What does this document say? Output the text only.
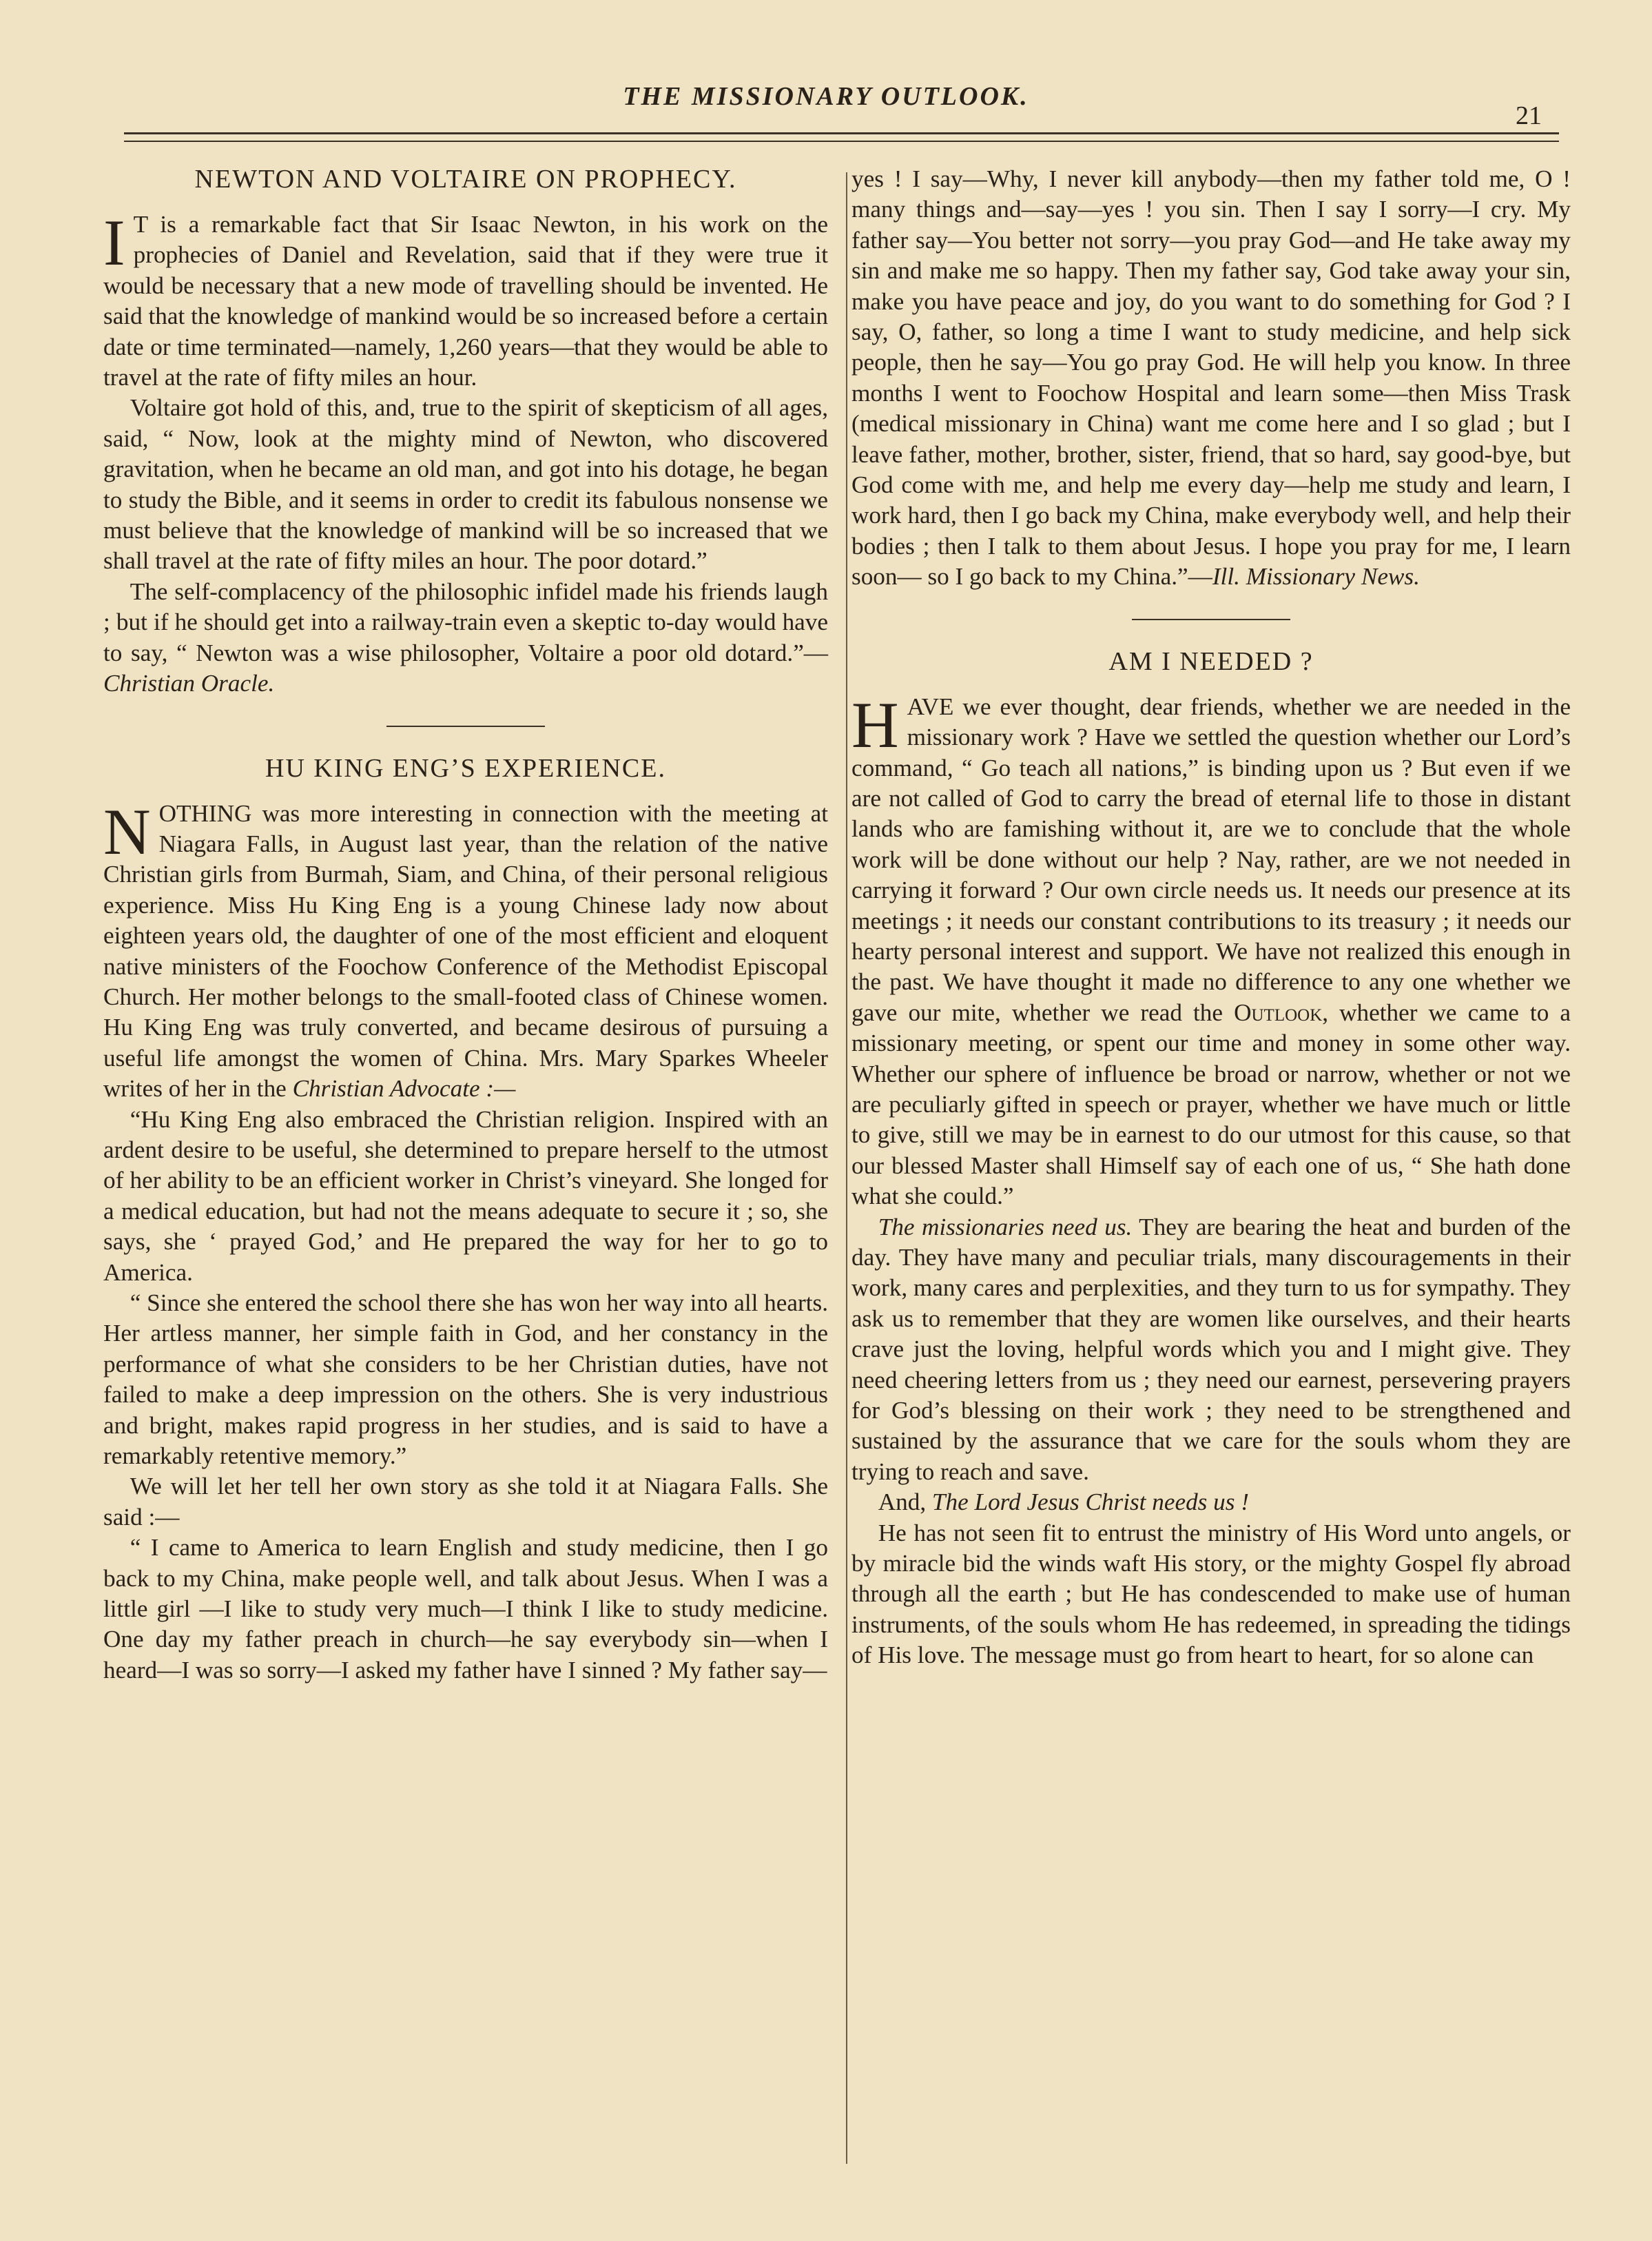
THE MISSIONARY OUTLOOK.
21
NEWTON AND VOLTAIRE ON PROPHECY.

I T is a remarkable fact that Sir Isaac Newton, in his work on the prophecies of Daniel and Revelation, said that if they were true it would be necessary that a new mode of travelling should be invented. He said that the knowledge of mankind would be so increased before a certain date or time terminated—namely, 1,260 years—that they would be able to travel at the rate of fifty miles an hour.

Voltaire got hold of this, and, true to the spirit of skepticism of all ages, said, “ Now, look at the mighty mind of Newton, who discovered gravitation, when he became an old man, and got into his dotage, he began to study the Bible, and it seems in order to credit its fabulous nonsense we must believe that the knowledge of mankind will be so increased that we shall travel at the rate of fifty miles an hour. The poor dotard.”

The self-complacency of the philosophic infidel made his friends laugh ; but if he should get into a railway-train even a skeptic to-day would have to say, “ Newton was a wise philosopher, Voltaire a poor old dotard.”—Christian Oracle.

HU KING ENG’S EXPERIENCE.

NOTHING was more interesting in connection with the meeting at Niagara Falls, in August last year, than the relation of the native Christian girls from Burmah, Siam, and China, of their personal religious experience. Miss Hu King Eng is a young Chinese lady now about eighteen years old, the daughter of one of the most efficient and eloquent native ministers of the Foochow Conference of the Methodist Episcopal Church. Her mother belongs to the small-footed class of Chinese women. Hu King Eng was truly converted, and became desirous of pursuing a useful life amongst the women of China. Mrs. Mary Sparkes Wheeler writes of her in the Christian Advocate :—

“Hu King Eng also embraced the Christian religion. Inspired with an ardent desire to be useful, she determined to prepare herself to the utmost of her ability to be an efficient worker in Christ’s vineyard. She longed for a medical education, but had not the means adequate to secure it ; so, she says, she ‘ prayed God,’ and He prepared the way for her to go to America.

“ Since she entered the school there she has won her way into all hearts. Her artless manner, her simple faith in God, and her constancy in the performance of what she considers to be her Christian duties, have not failed to make a deep impression on the others. She is very industrious and bright, makes rapid progress in her studies, and is said to have a remarkably retentive memory.”

We will let her tell her own story as she told it at Niagara Falls. She said :—

“ I came to America to learn English and study medicine, then I go back to my China, make people well, and talk about Jesus. When I was a little girl —I like to study very much—I think I like to study medicine. One day my father preach in church—he say everybody sin—when I heard—I was so sorry—I asked my father have I sinned ? My father say—

yes ! I say—Why, I never kill anybody—then my father told me, O ! many things and—say—yes ! you sin. Then I say I sorry—I cry. My father say—You better not sorry—you pray God—and He take away my sin and make me so happy. Then my father say, God take away your sin, make you have peace and joy, do you want to do something for God ? I say, O, father, so long a time I want to study medicine, and help sick people, then he say—You go pray God. He will help you know. In three months I went to Foochow Hospital and learn some—then Miss Trask (medical missionary in China) want me come here and I so glad ; but I leave father, mother, brother, sister, friend, that so hard, say good-bye, but God come with me, and help me every day—help me study and learn, I work hard, then I go back my China, make everybody well, and help their bodies ; then I talk to them about Jesus. I hope you pray for me, I learn soon— so I go back to my China.”—Ill. Missionary News.

AM I NEEDED ?

HAVE we ever thought, dear friends, whether we are needed in the missionary work ? Have we settled the question whether our Lord’s command, “ Go teach all nations,” is binding upon us ? But even if we are not called of God to carry the bread of eternal life to those in distant lands who are famishing without it, are we to conclude that the whole work will be done without our help ? Nay, rather, are we not needed in carrying it forward ? Our own circle needs us. It needs our presence at its meetings ; it needs our constant contributions to its treasury ; it needs our hearty personal interest and support. We have not realized this enough in the past. We have thought it made no difference to any one whether we gave our mite, whether we read the Outlook, whether we came to a missionary meeting, or spent our time and money in some other way. Whether our sphere of influence be broad or narrow, whether or not we are peculiarly gifted in speech or prayer, whether we have much or little to give, still we may be in earnest to do our utmost for this cause, so that our blessed Master shall Himself say of each one of us, “ She hath done what she could.”

The missionaries need us. They are bearing the heat and burden of the day. They have many and peculiar trials, many discouragements in their work, many cares and perplexities, and they turn to us for sympathy. They ask us to remember that they are women like ourselves, and their hearts crave just the loving, helpful words which you and I might give. They need cheering letters from us ; they need our earnest, persevering prayers for God’s blessing on their work ; they need to be strengthened and sustained by the assurance that we care for the souls whom they are trying to reach and save.

And, The Lord Jesus Christ needs us !

He has not seen fit to entrust the ministry of His Word unto angels, or by miracle bid the winds waft His story, or the mighty Gospel fly abroad through all the earth ; but He has condescended to make use of human instruments, of the souls whom He has redeemed, in spreading the tidings of His love. The message must go from heart to heart, for so alone can
